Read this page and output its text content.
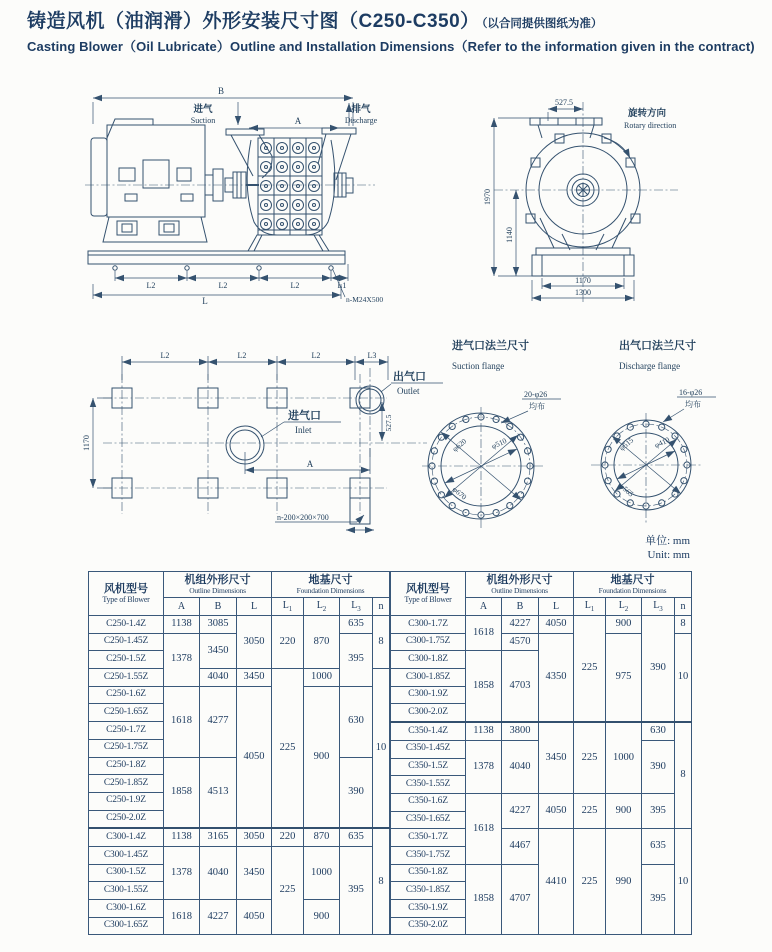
铸造风机（油润滑）外形安装尺寸图（C250-C350） （以合同提供图纸为准）
Casting Blower（Oil Lubricate）Outline and Installation Dimensions（Refer to the information given in the contract)
B
进气
Suction	A
排气
Discharge
L2	L2	L2	L1
L	n-M24X500
527.5
1970
1140
旋转方向
Rotary direction
1170
1300
L2	L2	L2	L3
1170
进气口
Inlet
出气口
Outlet
527.5
A
n-200×200×700
进气口法兰尺寸
Suction flange
φ620	φ510
φ670
20-φ26
均布
出气口法兰尺寸
Discharge flange
φ515 φ410
φ565
16-φ26
均布
单位: mm
Unit: mm
风机型号
Type of Blower	机组外形尺寸
Outline Dimensions			地基尺寸
Foundation Dimensions			

	A	B	L	$L_1$	$L_2$	$L_3$	n
C250-1.4Z	1138	3085	3050	220	870	635	8
C250-1.45Z	1378	3450				395	
C250-1.5Z							
C250-1.55Z		4040	3450	225	1000		10
C250-1.6Z	1618	4277	4050		900	630	
C250-1.65Z							
C250-1.7Z							
C250-1.75Z							
C250-1.8Z	1858	4513				390	
C250-1.85Z							
C250-1.9Z							
C250-2.0Z							
C300-1.4Z	1138	3165	3050	220	870	635	8
C300-1.45Z	1378	4040	3450	225	1000	395	
C300-1.5Z							
C300-1.55Z							
C300-1.6Z	1618	4227	4050		900		
C300-1.65Z							
风机型号
Type of Blower	机组外形尺寸
Outline Dimensions			地基尺寸
Foundation Dimensions			

	A	B	L	$L_1$	$L_2$	$L_3$	n
C300-1.7Z	1618	4227	4050	225	900	390	8
C300-1.75Z		4570	4350		975		10
C300-1.8Z	1858	4703					
C300-1.85Z							
C300-1.9Z							
C300-2.0Z							
C350-1.4Z	1138	3800	3450	225	1000	630	8
C350-1.45Z	1378	4040				390	
C350-1.5Z							
C350-1.55Z							
C350-1.6Z	1618	4227	4050	225	900	395	
C350-1.65Z							
C350-1.7Z		4467	4410	225	990	635	10
C350-1.75Z							
C350-1.8Z	1858	4707				395	
C350-1.85Z							
C350-1.9Z							
C350-2.0Z							
